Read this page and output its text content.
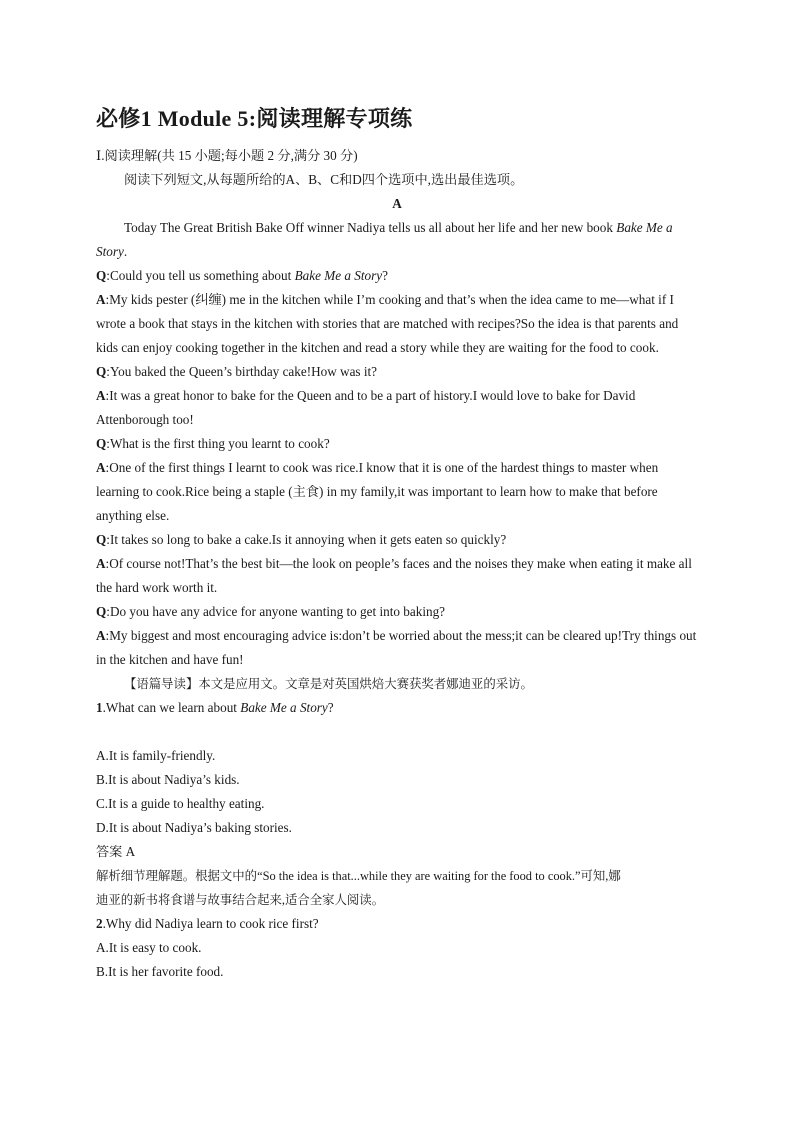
必修1 Module 5:阅读理解专项练

Ⅰ.阅读理解(共 15 小题;每小题 2 分,满分 30 分)

阅读下列短文,从每题所给的A、B、C和D四个选项中,选出最佳选项。

A

Today The Great British Bake Off winner Nadiya tells us all about her life and her new book Bake Me a Story.

Q:Could you tell us something about Bake Me a Story?

A:My kids pester (纠缠) me in the kitchen while I’m cooking and that’s when the idea came to me—what if I wrote a book that stays in the kitchen with stories that are matched with recipes?So the idea is that parents and kids can enjoy cooking together in the kitchen and read a story while they are waiting for the food to cook.

Q:You baked the Queen’s birthday cake!How was it?

A:It was a great honor to bake for the Queen and to be a part of history.I would love to bake for David Attenborough too!

Q:What is the first thing you learnt to cook?

A:One of the first things I learnt to cook was rice.I know that it is one of the hardest things to master when learning to cook.Rice being a staple (主食) in my family,it was important to learn how to make that before anything else.

Q:It takes so long to bake a cake.Is it annoying when it gets eaten so quickly?

A:Of course not!That’s the best bit—the look on people’s faces and the noises they make when eating it make all the hard work worth it.

Q:Do you have any advice for anyone wanting to get into baking?

A:My biggest and most encouraging advice is:don’t be worried about the mess;it can be cleared up!Try things out in the kitchen and have fun!

【语篇导读】本文是应用文。文章是对英国烘焙大赛获奖者娜迪亚的采访。

1.What can we learn about Bake Me a Story?

A.It is family-friendly.

B.It is about Nadiya’s kids.

C.It is a guide to healthy eating.

D.It is about Nadiya’s baking stories.

答案 A

解析细节理解题。根据文中的“So the idea is that...while they are waiting for the food to cook.”可知,娜

迪亚的新书将食谱与故事结合起来,适合全家人阅读。

2.Why did Nadiya learn to cook rice first?

A.It is easy to cook.

B.It is her favorite food.
